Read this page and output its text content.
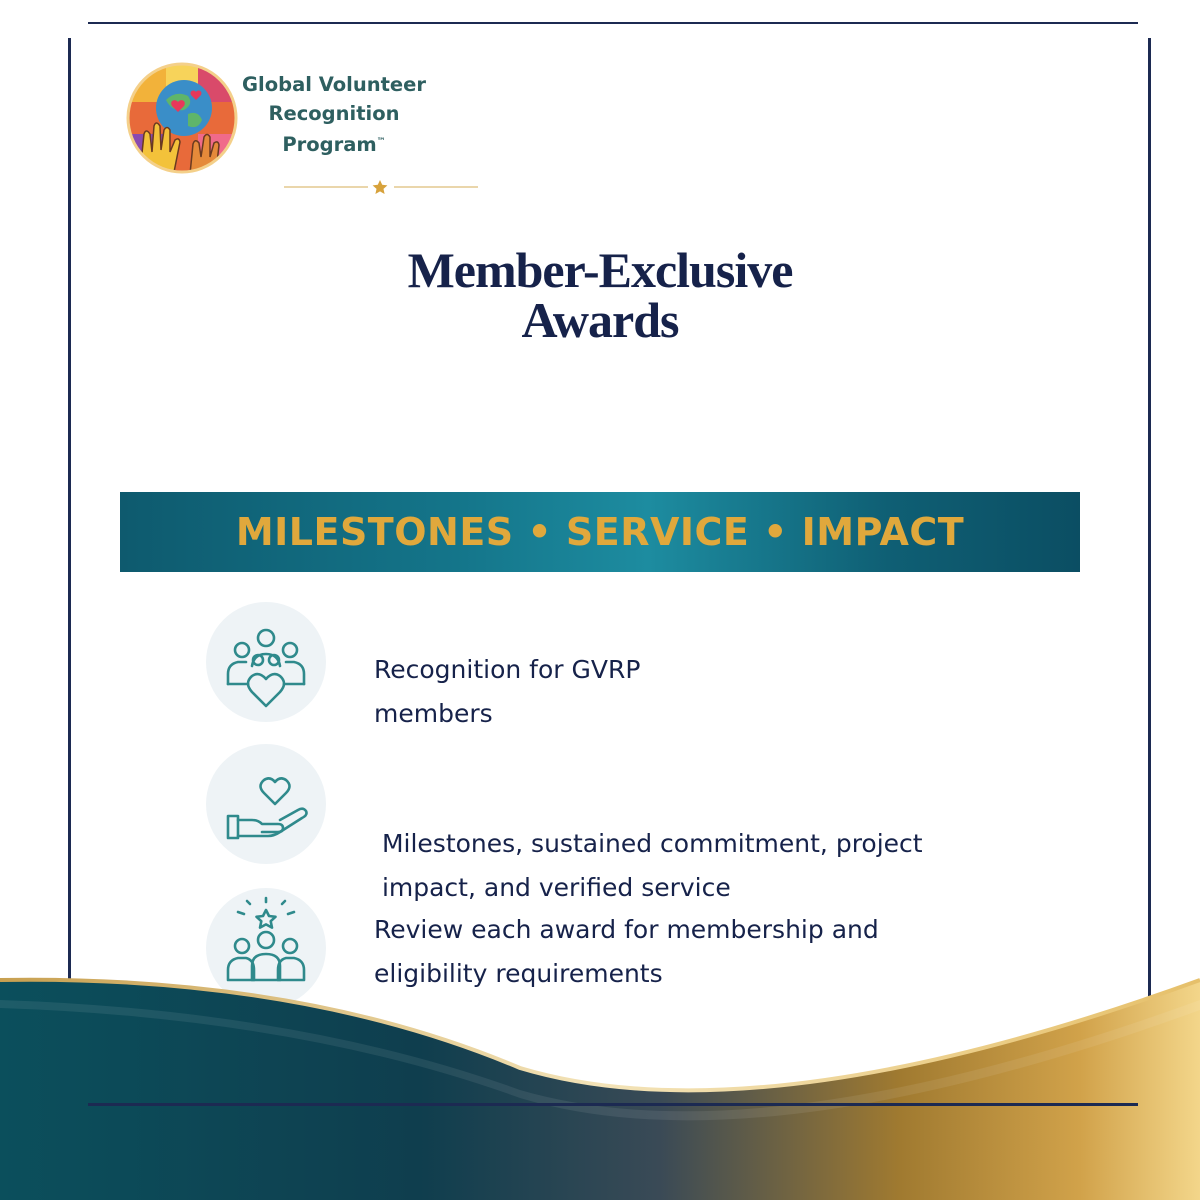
Global Volunteer
Recognition
Program™
Member-Exclusive
Awards
MILESTONES • SERVICE • IMPACT
Recognition for GVRP
members
Milestones, sustained commitment, project
impact, and verified service
Review each award for membership and
eligibility requirements
